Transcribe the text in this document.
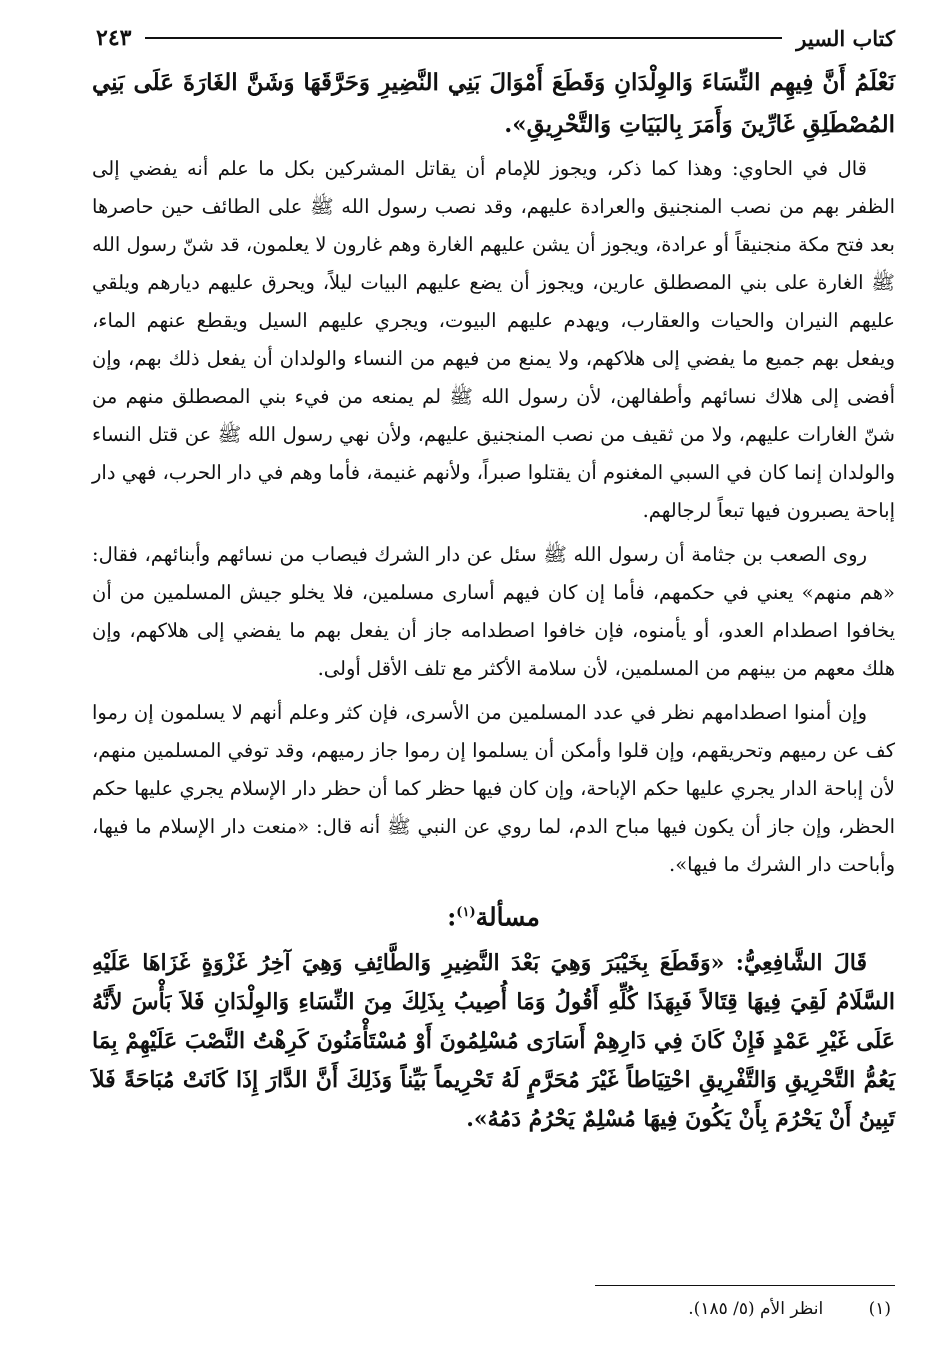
كتاب السير
٢٤٣

نَعْلَمُ أَنَّ فِيهِم النِّسَاءَ وَالوِلْدَانِ وَقَطَعَ أَمْوَالَ بَنِي النَّضِيرِ وَحَرَّقَهَا وَشَنَّ الغَارَةَ عَلَى بَنِي المُصْطَلِقِ غَارِّينَ وَأَمَرَ بِالبَيَاتِ وَالتَّحْرِيقِ».

قال في الحاوي: وهذا كما ذكر، ويجوز للإمام أن يقاتل المشركين بكل ما علم أنه يفضي إلى الظفر بهم من نصب المنجنيق والعرادة عليهم، وقد نصب رسول الله ﷺ على الطائف حين حاصرها بعد فتح مكة منجنيقاً أو عرادة، ويجوز أن يشن عليهم الغارة وهم غارون لا يعلمون، قد شنّ رسول الله ﷺ الغارة على بني المصطلق عارين، ويجوز أن يضع عليهم البيات ليلاً، ويحرق عليهم ديارهم ويلقي عليهم النيران والحيات والعقارب، ويهدم عليهم البيوت، ويجري عليهم السيل ويقطع عنهم الماء، ويفعل بهم جميع ما يفضي إلى هلاكهم، ولا يمنع من فيهم من النساء والولدان أن يفعل ذلك بهم، وإن أفضى إلى هلاك نسائهم وأطفالهن، لأن رسول الله ﷺ لم يمنعه من فيء بني المصطلق منهم من شنّ الغارات عليهم، ولا من ثقيف من نصب المنجنيق عليهم، ولأن نهي رسول الله ﷺ عن قتل النساء والولدان إنما كان في السبي المغنوم أن يقتلوا صبراً، ولأنهم غنيمة، فأما وهم في دار الحرب، فهي دار إباحة يصبرون فيها تبعاً لرجالهم.

روى الصعب بن جثامة أن رسول الله ﷺ سئل عن دار الشرك فيصاب من نسائهم وأبنائهم، فقال: «هم منهم» يعني في حكمهم، فأما إن كان فيهم أسارى مسلمين، فلا يخلو جيش المسلمين من أن يخافوا اصطدام العدو، أو يأمنوه، فإن خافوا اصطدامه جاز أن يفعل بهم ما يفضي إلى هلاكهم، وإن هلك معهم من بينهم من المسلمين، لأن سلامة الأكثر مع تلف الأقل أولى.

وإن أمنوا اصطدامهم نظر في عدد المسلمين من الأسرى، فإن كثر وعلم أنهم لا يسلمون إن رموا كف عن رميهم وتحريقهم، وإن قلوا وأمكن أن يسلموا إن رموا جاز رميهم، وقد توفي المسلمين منهم، لأن إباحة الدار يجري عليها حكم الإباحة، وإن كان فيها حظر كما أن حظر دار الإسلام يجري عليها حكم الحظر، وإن جاز أن يكون فيها مباح الدم، لما روي عن النبي ﷺ أنه قال: «منعت دار الإسلام ما فيها، وأباحت دار الشرك ما فيها».

مسألة$^{(١)}$:

قَالَ الشَّافِعِيُّ: «وَقَطَعَ بِخَيْبَرَ وَهِيَ بَعْدَ النَّضِيرِ وَالطَّائِفِ وَهِيَ آخِرُ غَزْوَةٍ غَزَاهَا عَلَيْهِ السَّلَامُ لَقِيَ فِيهَا قِتَالاً فَبِهَذَا كُلِّهِ أَقُولُ وَمَا أُصِيبُ بِذَلِكَ مِنَ النِّسَاءِ وَالوِلْدَانِ فَلاَ بَأْسَ لأَنَّهُ عَلَى غَيْرِ عَمْدٍ فَإِنْ كَانَ فِي دَارِهِمْ أَسَارَى مُسْلِمُونَ أَوْ مُسْتَأْمَنُونَ كَرِهْتُ النَّصْبَ عَلَيْهِمْ بِمَا يَعُمُّ التَّحْرِيقِ وَالتَّفْرِيقِ احْتِيَاطاً غَيْرَ مُحَرَّمٍ لَهُ تَحْرِيماً بَيِّناً وَذَلِكَ أَنَّ الدَّارَ إِذَا كَانَتْ مُبَاحَةً فَلاَ تَبِينُ أَنْ يَحْرُمَ بِأَنْ يَكُونَ فِيهَا مُسْلِمٌ يَحْرُمُ دَمُهُ».

(١) انظر الأم (٥/ ١٨٥).
